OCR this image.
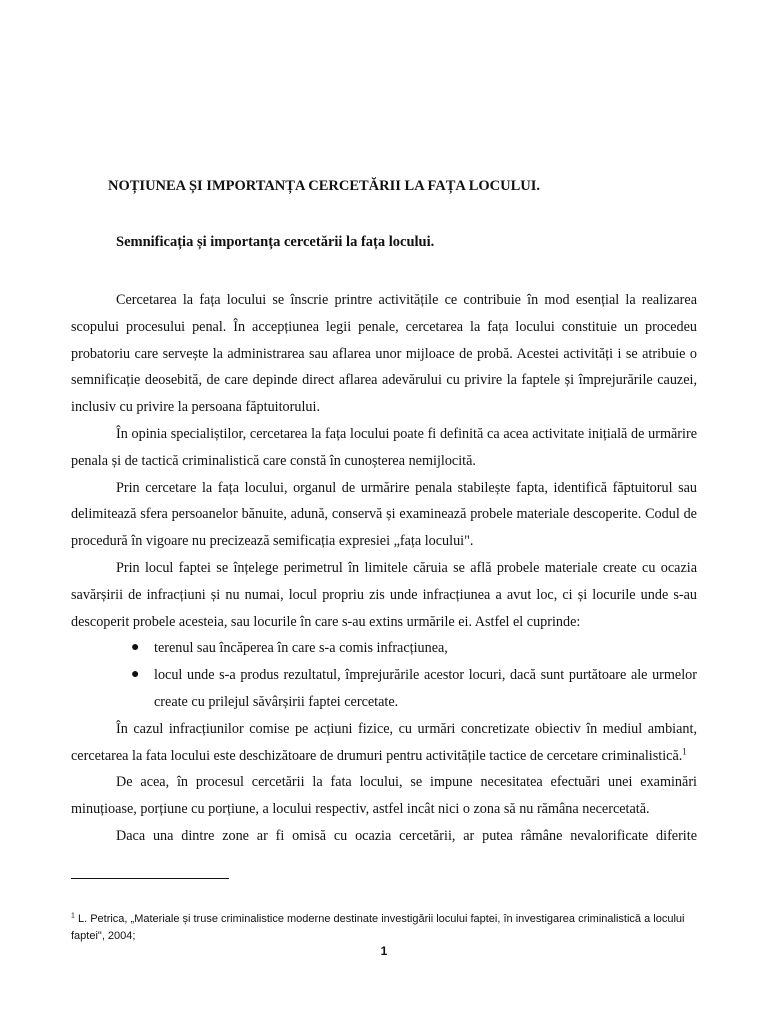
NOȚIUNEA ȘI IMPORTANȚA CERCETĂRII LA FAȚA LOCULUI.
Semnificația și importanța cercetării la fața locului.

Cercetarea la fața locului se înscrie printre activitățile ce contribuie în mod esențial la realizarea scopului procesului penal. În accepțiunea legii penale, cercetarea la fața locului constituie un procedeu probatoriu care servește la administrarea sau aflarea unor mijloace de probă. Acestei activități i se atribuie o semnificație deosebită, de care depinde direct aflarea adevărului cu privire la faptele și împrejurările cauzei, inclusiv cu privire la persoana făptuitorului.

În opinia specialiștilor, cercetarea la fața locului poate fi definită ca acea activitate inițială de urmărire penala și de tactică criminalistică care constă în cunoșterea nemijlocită.

Prin cercetare la fața locului, organul de urmărire penala stabilește fapta, identifică făptuitorul sau delimitează sfera persoanelor bănuite, adună, conservă și examinează probele materiale descoperite. Codul de procedură în vigoare nu precizează semificația expresiei „fața locului".

Prin locul faptei se înțelege perimetrul în limitele căruia se află probele materiale create cu ocazia savărșirii de infracțiuni și nu numai, locul propriu zis unde infracțiunea a avut loc, ci și locurile unde s-au descoperit probele acesteia, sau locurile în care s-au extins urmările ei. Astfel el cuprinde:

● terenul sau încăperea în care s-a comis infracțiunea,
● locul unde s-a produs rezultatul, împrejurările acestor locuri, dacă sunt purtătoare ale urmelor create cu prilejul săvârșirii faptei cercetate.

În cazul infracțiunilor comise pe acțiuni fizice, cu urmări concretizate obiectiv în mediul ambiant, cercetarea la fata locului este deschizătoare de drumuri pentru activitățile tactice de cercetare criminalistică.$^1$

De acea, în procesul cercetării la fata locului, se impune necesitatea efectuări unei examinări minuțioase, porțiune cu porțiune, a locului respectiv, astfel incât nici o zona să nu rămâna necercetată.

Daca una dintre zone ar fi omisă cu ocazia cercetării, ar putea râmâne nevalorificate diferite

$^1$ L. Petrica, „Materiale și truse criminalistice moderne destinate investigării locului faptei, în investigarea criminalistică a locului faptei", 2004;
1
